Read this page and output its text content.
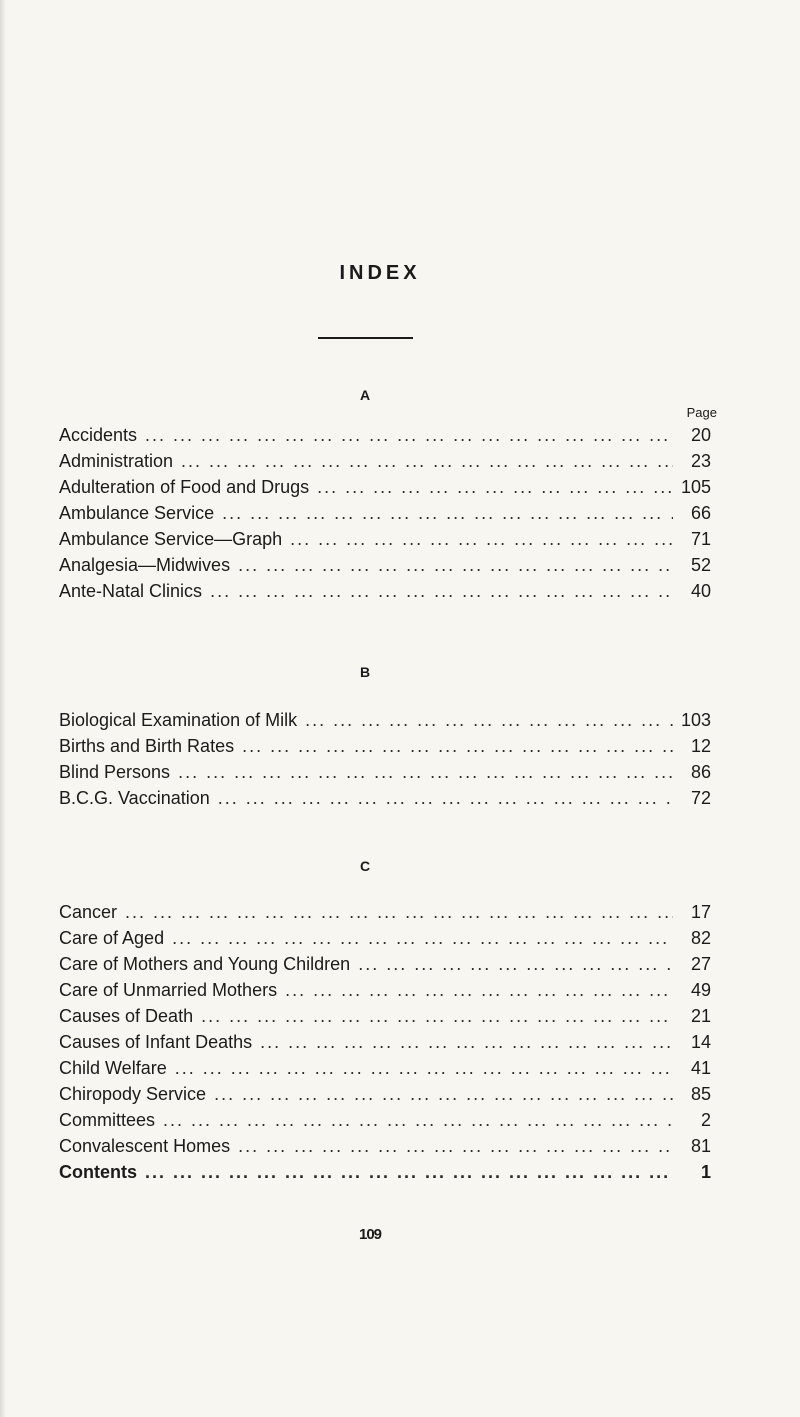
INDEX
A
Page
Accidents ... .	20
Administration ... .	23
Adulteration of Food and Drugs ... .	105
Ambulance Service ... .	66
Ambulance Service—Graph ... .	71
Analgesia—Midwives ... .	52
Ante-Natal Clinics ... .	40
B
Biological Examination of Milk ... .	103
Births and Birth Rates ... .	12
Blind Persons ... .	86
B.C.G. Vaccination ... .	72
C
Cancer ... .	17
Care of Aged ... .	82
Care of Mothers and Young Children ... .	27
Care of Unmarried Mothers ... .	49
Causes of Death ... .	21
Causes of Infant Deaths ... .	14
Child Welfare ... .	41
Chiropody Service ... .	85
Committees ... .	2
Convalescent Homes ... .	81
Contents ... .	1
109
